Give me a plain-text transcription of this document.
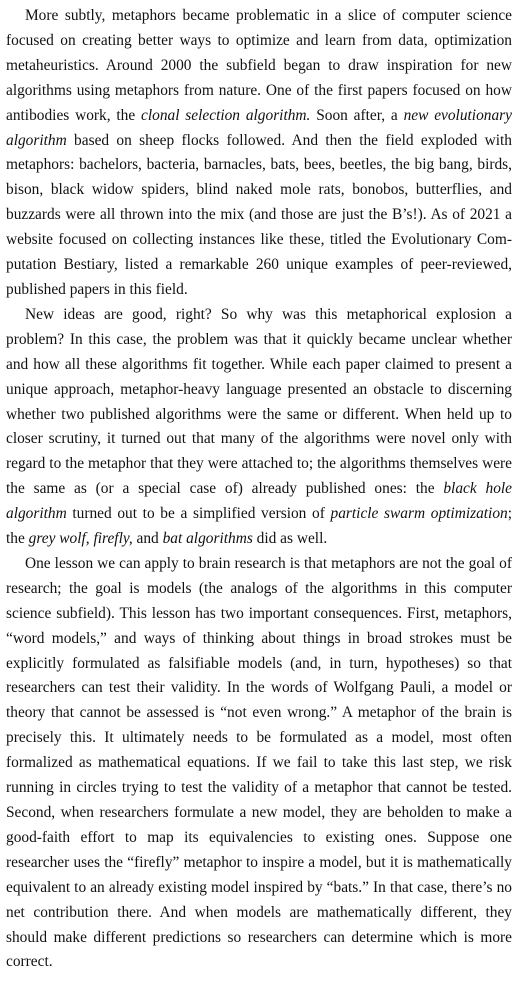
More subtly, metaphors became problematic in a slice of computer science focused on creating better ways to optimize and learn from data, optimization metaheuristics. Around 2000 the subfield began to draw inspiration for new algorithms using metaphors from nature. One of the first papers focused on how antibodies work, the clonal selection algorithm. Soon after, a new evolutionary algorithm based on sheep flocks followed. And then the field exploded with metaphors: bachelors, bacteria, barnacles, bats, bees, beetles, the big bang, birds, bison, black widow spiders, blind naked mole rats, bonobos, butterflies, and buzzards were all thrown into the mix (and those are just the B’s!). As of 2021 a website focused on collecting instances like these, titled the Evolutionary Computation Bestiary, listed a remarkable 260 unique examples of peer-reviewed, published papers in this field.

New ideas are good, right? So why was this metaphorical explosion a problem? In this case, the problem was that it quickly became unclear whether and how all these algorithms fit together. While each paper claimed to present a unique approach, metaphor-heavy language presented an obstacle to discerning whether two published algorithms were the same or different. When held up to closer scrutiny, it turned out that many of the algorithms were novel only with regard to the metaphor that they were attached to; the algorithms themselves were the same as (or a special case of) already published ones: the black hole algorithm turned out to be a simplified version of particle swarm optimization; the grey wolf, firefly, and bat algorithms did as well.

One lesson we can apply to brain research is that metaphors are not the goal of research; the goal is models (the analogs of the algorithms in this computer science subfield). This lesson has two important consequences. First, metaphors, “word models,” and ways of thinking about things in broad strokes must be explicitly formulated as falsifiable models (and, in turn, hypotheses) so that researchers can test their validity. In the words of Wolfgang Pauli, a model or theory that cannot be assessed is “not even wrong.” A metaphor of the brain is precisely this. It ultimately needs to be formulated as a model, most often formalized as mathematical equations. If we fail to take this last step, we risk running in circles trying to test the validity of a metaphor that cannot be tested. Second, when researchers formulate a new model, they are beholden to make a good-faith effort to map its equivalencies to existing ones. Suppose one researcher uses the “firefly” metaphor to inspire a model, but it is mathematically equivalent to an already existing model inspired by “bats.” In that case, there’s no net contribution there. And when models are mathematically different, they should make different predictions so researchers can determine which is more correct.
